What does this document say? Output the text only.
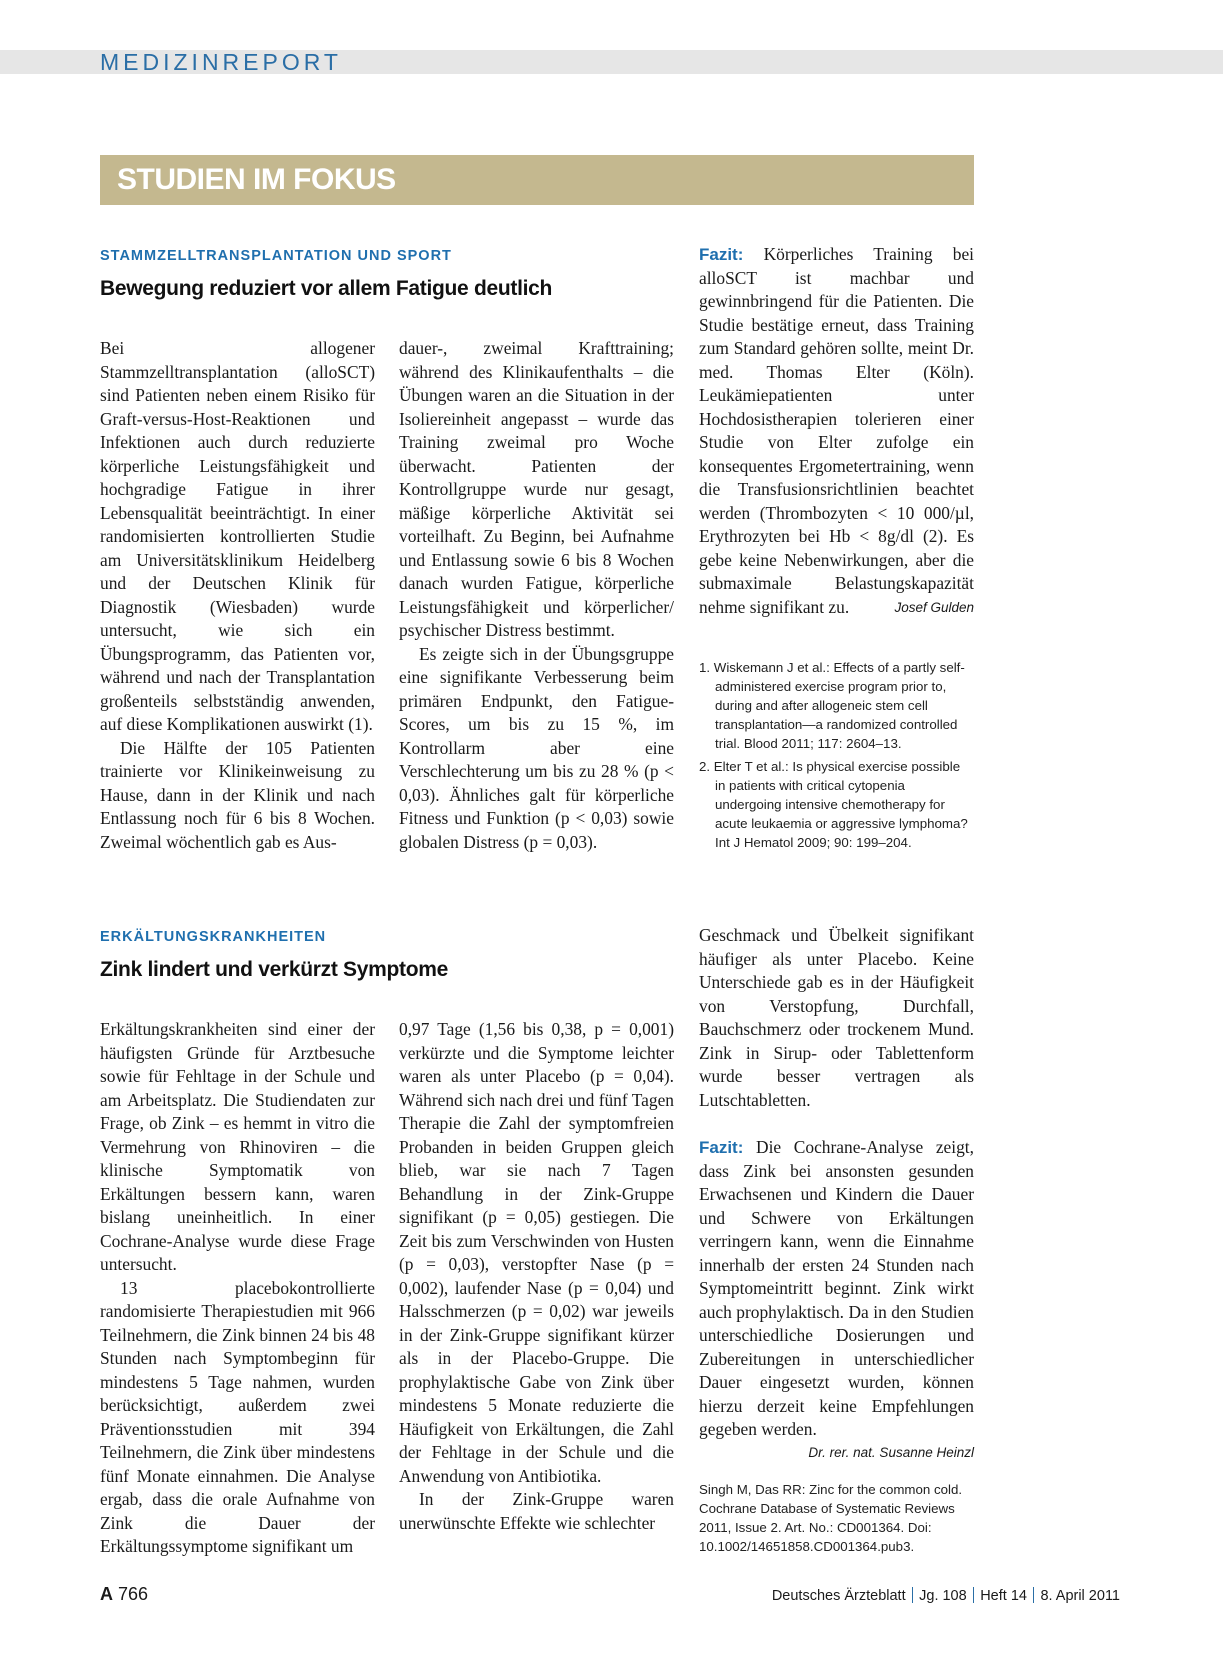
MEDIZINREPORT
STUDIEN IM FOKUS
STAMMZELLTRANSPLANTATION UND SPORT
Bewegung reduziert vor allem Fatigue deutlich

Bei allogener Stammzelltransplantation (alloSCT) sind Patienten neben einem Risiko für Graft-versus-Host-Reaktionen und Infektionen auch durch reduzierte körperliche Leistungsfähigkeit und hochgradige Fatigue in ihrer Lebensqualität beeinträchtigt. In einer randomisierten kontrollierten Studie am Universitätsklinikum Heidelberg und der Deutschen Klinik für Diagnostik (Wiesbaden) wurde untersucht, wie sich ein Übungsprogramm, das Patienten vor, während und nach der Transplantation großenteils selbstständig anwenden, auf diese Komplikationen auswirkt (1).

Die Hälfte der 105 Patienten trainierte vor Klinikeinweisung zu Hause, dann in der Klinik und nach Entlassung noch für 6 bis 8 Wochen. Zweimal wöchentlich gab es Aus-

dauer-, zweimal Krafttraining; während des Klinikaufenthalts – die Übungen waren an die Situation in der Isoliereinheit angepasst – wurde das Training zweimal pro Woche überwacht. Patienten der Kontrollgruppe wurde nur gesagt, mäßige körperliche Aktivität sei vorteilhaft. Zu Beginn, bei Aufnahme und Entlassung sowie 6 bis 8 Wochen danach wurden Fatigue, körperliche Leistungsfähigkeit und körperlicher/ psychischer Distress bestimmt.

Es zeigte sich in der Übungsgruppe eine signifikante Verbesserung beim primären Endpunkt, den Fatigue-Scores, um bis zu 15 %, im Kontrollarm aber eine Verschlechterung um bis zu 28 % (p < 0,03). Ähnliches galt für körperliche Fitness und Funktion (p < 0,03) sowie globalen Distress (p = 0,03).

Fazit: Körperliches Training bei alloSCT ist machbar und gewinnbringend für die Patienten. Die Studie bestätige erneut, dass Training zum Standard gehören sollte, meint Dr. med. Thomas Elter (Köln). Leukämiepatienten unter Hochdosistherapien tolerieren einer Studie von Elter zufolge ein konsequentes Ergometertraining, wenn die Transfusionsrichtlinien beachtet werden (Thrombozyten < 10 000/µl, Erythrozyten bei Hb < 8g/dl (2). Es gebe keine Nebenwirkungen, aber die submaximale Belastungskapazität nehme signifikant zu.	Josef Gulden

1. Wiskemann J et al.: Effects of a partly self-administered exercise program prior to, during and after allogeneic stem cell transplantation—a randomized controlled trial. Blood 2011; 117: 2604–13.
2. Elter T et al.: Is physical exercise possible in patients with critical cytopenia undergoing intensive chemotherapy for acute leukaemia or aggressive lymphoma? Int J Hematol 2009; 90: 199–204.
ERKÄLTUNGSKRANKHEITEN
Zink lindert und verkürzt Symptome

Erkältungskrankheiten sind einer der häufigsten Gründe für Arztbesuche sowie für Fehltage in der Schule und am Arbeitsplatz. Die Studiendaten zur Frage, ob Zink – es hemmt in vitro die Vermehrung von Rhinoviren – die klinische Symptomatik von Erkältungen bessern kann, waren bislang uneinheitlich. In einer Cochrane-Analyse wurde diese Frage untersucht.

13 placebokontrollierte randomisierte Therapiestudien mit 966 Teilnehmern, die Zink binnen 24 bis 48 Stunden nach Symptombeginn für mindestens 5 Tage nahmen, wurden berücksichtigt, außerdem zwei Präventionsstudien mit 394 Teilnehmern, die Zink über mindestens fünf Monate einnahmen. Die Analyse ergab, dass die orale Aufnahme von Zink die Dauer der Erkältungssymptome signifikant um

0,97 Tage (1,56 bis 0,38, p = 0,001) verkürzte und die Symptome leichter waren als unter Placebo (p = 0,04). Während sich nach drei und fünf Tagen Therapie die Zahl der symptomfreien Probanden in beiden Gruppen gleich blieb, war sie nach 7 Tagen Behandlung in der Zink-Gruppe signifikant (p = 0,05) gestiegen. Die Zeit bis zum Verschwinden von Husten (p = 0,03), verstopfter Nase (p = 0,002), laufender Nase (p = 0,04) und Halsschmerzen (p = 0,02) war jeweils in der Zink-Gruppe signifikant kürzer als in der Placebo-Gruppe. Die prophylaktische Gabe von Zink über mindestens 5 Monate reduzierte die Häufigkeit von Erkältungen, die Zahl der Fehltage in der Schule und die Anwendung von Antibiotika.

In der Zink-Gruppe waren unerwünschte Effekte wie schlechter

Geschmack und Übelkeit signifikant häufiger als unter Placebo. Keine Unterschiede gab es in der Häufigkeit von Verstopfung, Durchfall, Bauchschmerz oder trockenem Mund. Zink in Sirup- oder Tablettenform wurde besser vertragen als Lutschtabletten.

Fazit: Die Cochrane-Analyse zeigt, dass Zink bei ansonsten gesunden Erwachsenen und Kindern die Dauer und Schwere von Erkältungen verringern kann, wenn die Einnahme innerhalb der ersten 24 Stunden nach Symptomeintritt beginnt. Zink wirkt auch prophylaktisch. Da in den Studien unterschiedliche Dosierungen und Zubereitungen in unterschiedlicher Dauer eingesetzt wurden, können hierzu derzeit keine Empfehlungen gegeben werden.

Dr. rer. nat. Susanne Heinzl
Singh M, Das RR: Zinc for the common cold. Cochrane Database of Systematic Reviews 2011, Issue 2. Art. No.: CD001364. Doi: 10.1002/14651858.CD001364.pub3.
A 766	Deutsches Ärzteblatt Jg. 108 Heft 14 8. April 2011
